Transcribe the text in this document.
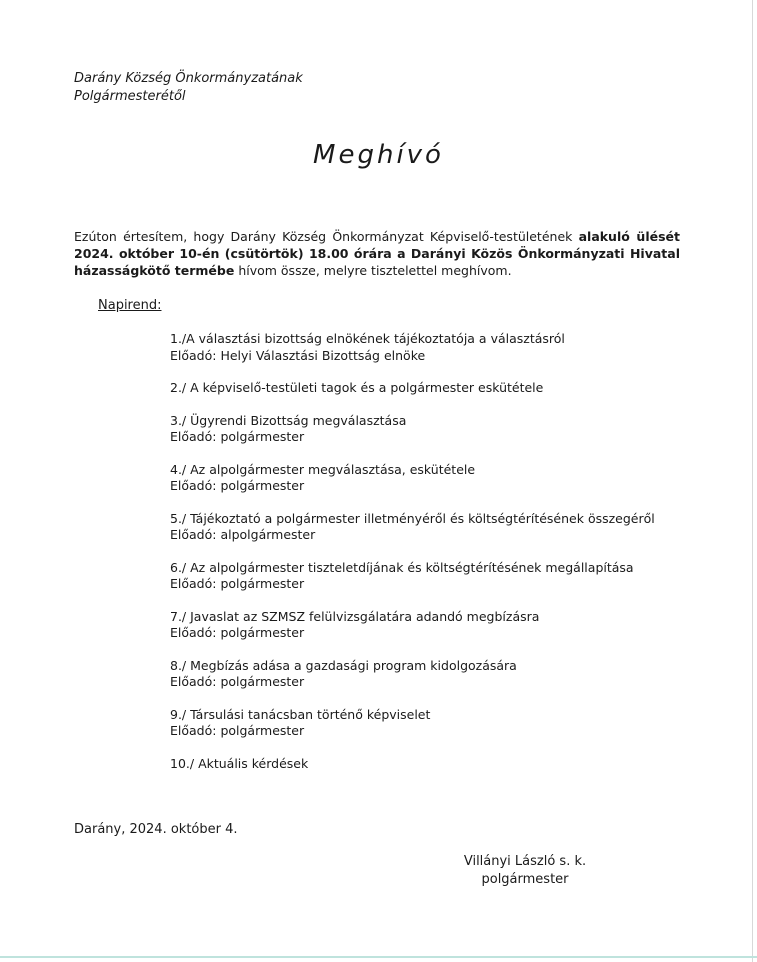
Darány Község Önkormányzatának
Polgármesterétől
Meghívó
Ezúton értesítem, hogy Darány Község Önkormányzat Képviselő-testületének alakuló ülését 2024. október 10-én (csütörtök) 18.00 órára a Darányi Közös Önkormányzati Hivatal házasságkötő termébe hívom össze, melyre tisztelettel meghívom.
Napirend:
1./A választási bizottság elnökének tájékoztatója a választásról
Előadó: Helyi Választási Bizottság elnöke
2./ A képviselő-testületi tagok és a polgármester eskütétele
3./ Ügyrendi Bizottság megválasztása
Előadó: polgármester
4./ Az alpolgármester megválasztása, eskütétele
Előadó: polgármester
5./ Tájékoztató a polgármester illetményéről és költségtérítésének összegéről
Előadó: alpolgármester
6./ Az alpolgármester tiszteletdíjának és költségtérítésének megállapítása
Előadó: polgármester
7./ Javaslat az SZMSZ felülvizsgálatára adandó megbízásra
Előadó: polgármester
8./ Megbízás adása a gazdasági program kidolgozására
Előadó: polgármester
9./ Társulási tanácsban történő képviselet
Előadó: polgármester
10./ Aktuális kérdések
Darány, 2024. október 4.
Villányi László s. k.
polgármester
